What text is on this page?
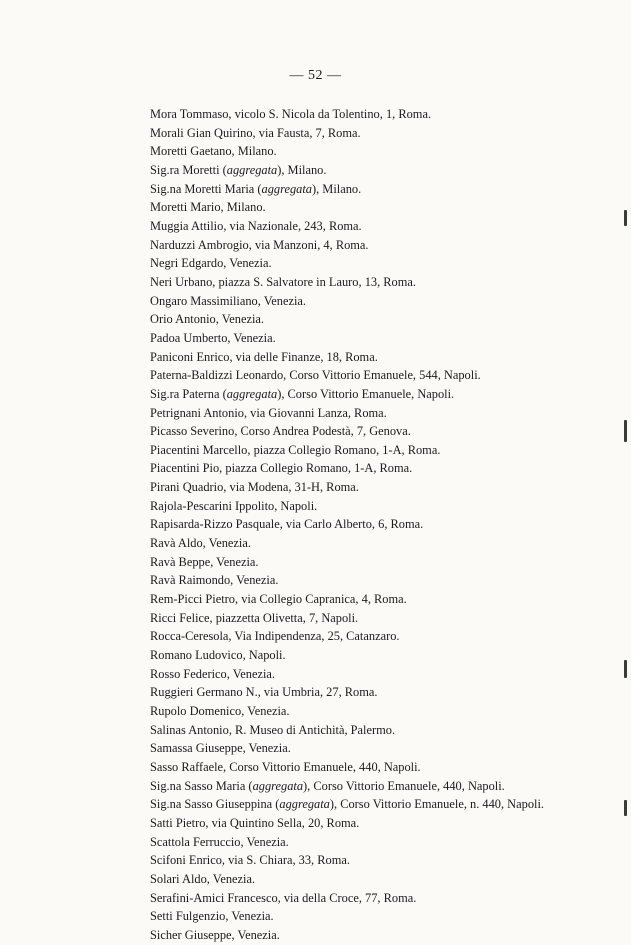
— 52 —
Mora Tommaso, vicolo S. Nicola da Tolentino, 1, Roma.
Morali Gian Quirino, via Fausta, 7, Roma.
Moretti Gaetano, Milano.
Sig.ra Moretti (aggregata), Milano.
Sig.na Moretti Maria (aggregata), Milano.
Moretti Mario, Milano.
Muggia Attilio, via Nazionale, 243, Roma.
Narduzzi Ambrogio, via Manzoni, 4, Roma.
Negri Edgardo, Venezia.
Neri Urbano, piazza S. Salvatore in Lauro, 13, Roma.
Ongaro Massimiliano, Venezia.
Orio Antonio, Venezia.
Padoa Umberto, Venezia.
Paniconi Enrico, via delle Finanze, 18, Roma.
Paterna-Baldizzi Leonardo, Corso Vittorio Emanuele, 544, Napoli.
Sig.ra Paterna (aggregata), Corso Vittorio Emanuele, Napoli.
Petrignani Antonio, via Giovanni Lanza, Roma.
Picasso Severino, Corso Andrea Podestà, 7, Genova.
Piacentini Marcello, piazza Collegio Romano, 1-A, Roma.
Piacentini Pio, piazza Collegio Romano, 1-A, Roma.
Pirani Quadrio, via Modena, 31-H, Roma.
Rajola-Pescarini Ippolito, Napoli.
Rapisarda-Rizzo Pasquale, via Carlo Alberto, 6, Roma.
Ravà Aldo, Venezia.
Ravà Beppe, Venezia.
Ravà Raimondo, Venezia.
Rem-Picci Pietro, via Collegio Capranica, 4, Roma.
Ricci Felice, piazzetta Olivetta, 7, Napoli.
Rocca-Ceresola, Via Indipendenza, 25, Catanzaro.
Romano Ludovico, Napoli.
Rosso Federico, Venezia.
Ruggieri Germano N., via Umbria, 27, Roma.
Rupolo Domenico, Venezia.
Salinas Antonio, R. Museo di Antichità, Palermo.
Samassa Giuseppe, Venezia.
Sasso Raffaele, Corso Vittorio Emanuele, 440, Napoli.
Sig.na Sasso Maria (aggregata), Corso Vittorio Emanuele, 440, Napoli.
Sig.na Sasso Giuseppina (aggregata), Corso Vittorio Emanuele, n. 440, Napoli.
Satti Pietro, via Quintino Sella, 20, Roma.
Scattola Ferruccio, Venezia.
Scifoni Enrico, via S. Chiara, 33, Roma.
Solari Aldo, Venezia.
Serafini-Amici Francesco, via della Croce, 77, Roma.
Setti Fulgenzio, Venezia.
Sicher Giuseppe, Venezia.
